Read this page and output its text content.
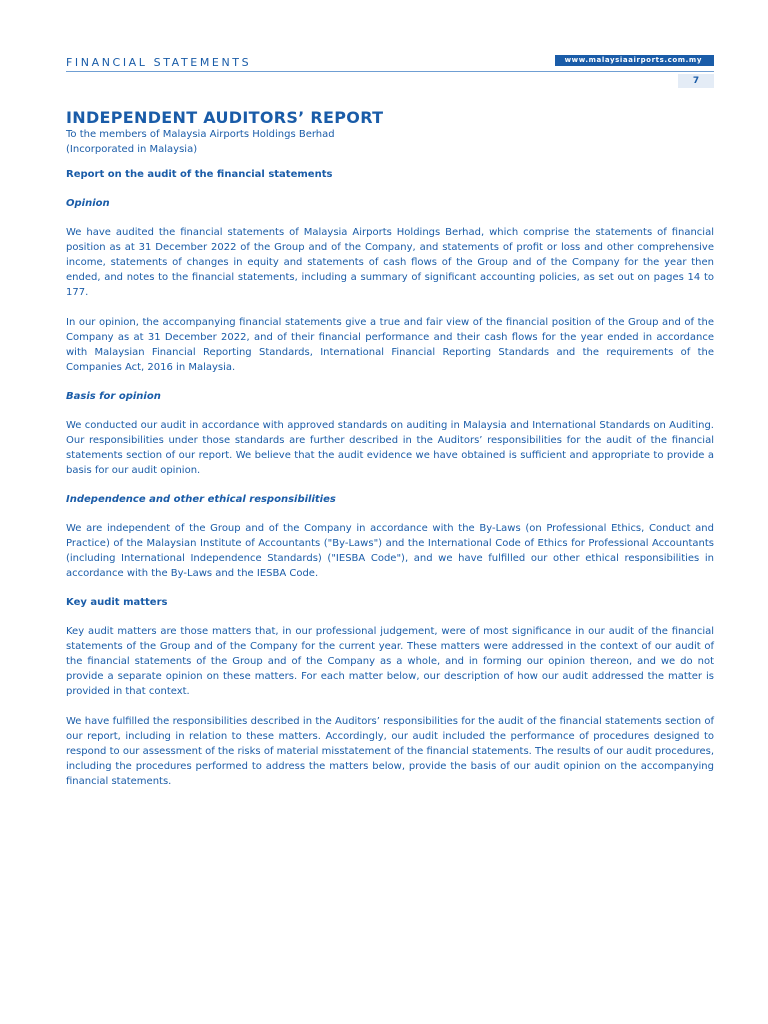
FINANCIAL STATEMENTS	www.malaysiaairports.com.my
7
INDEPENDENT AUDITORS’ REPORT

To the members of Malaysia Airports Holdings Berhad

(Incorporated in Malaysia)

Report on the audit of the financial statements

Opinion

We have audited the financial statements of Malaysia Airports Holdings Berhad, which comprise the statements of financial position as at 31 December 2022 of the Group and of the Company, and statements of profit or loss and other comprehensive income, statements of changes in equity and statements of cash flows of the Group and of the Company for the year then ended, and notes to the financial statements, including a summary of significant accounting policies, as set out on pages 14 to 177.

In our opinion, the accompanying financial statements give a true and fair view of the financial position of the Group and of the Company as at 31 December 2022, and of their financial performance and their cash flows for the year ended in accordance with Malaysian Financial Reporting Standards, International Financial Reporting Standards and the requirements of the Companies Act, 2016 in Malaysia.

Basis for opinion

We conducted our audit in accordance with approved standards on auditing in Malaysia and International Standards on Auditing. Our responsibilities under those standards are further described in the Auditors’ responsibilities for the audit of the financial statements section of our report. We believe that the audit evidence we have obtained is sufficient and appropriate to provide a basis for our audit opinion.

Independence and other ethical responsibilities

We are independent of the Group and of the Company in accordance with the By-Laws (on Professional Ethics, Conduct and Practice) of the Malaysian Institute of Accountants ("By-Laws") and the International Code of Ethics for Professional Accountants (including International Independence Standards) ("IESBA Code"), and we have fulfilled our other ethical responsibilities in accordance with the By-Laws and the IESBA Code.

Key audit matters

Key audit matters are those matters that, in our professional judgement, were of most significance in our audit of the financial statements of the Group and of the Company for the current year. These matters were addressed in the context of our audit of the financial statements of the Group and of the Company as a whole, and in forming our opinion thereon, and we do not provide a separate opinion on these matters. For each matter below, our description of how our audit addressed the matter is provided in that context.

We have fulfilled the responsibilities described in the Auditors’ responsibilities for the audit of the financial statements section of our report, including in relation to these matters. Accordingly, our audit included the performance of procedures designed to respond to our assessment of the risks of material misstatement of the financial statements. The results of our audit procedures, including the procedures performed to address the matters below, provide the basis of our audit opinion on the accompanying financial statements.
